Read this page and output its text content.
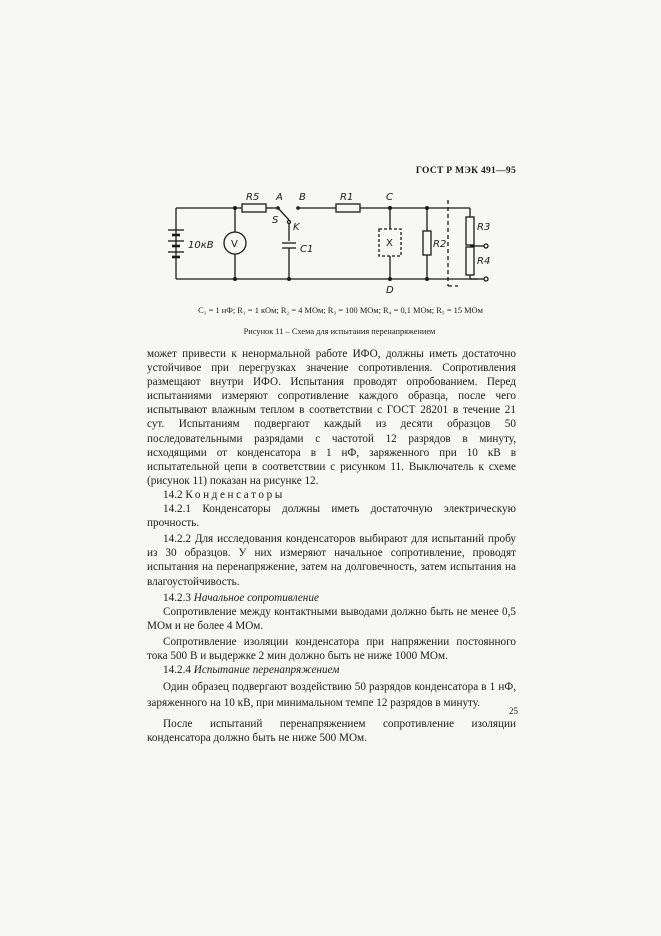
ГОСТ Р МЭК 491—95
10кВ V
R5 A B
S
K
C1
R1	C
X	R2
R3
R4
D
C₁ = 1 нФ; R₁ = 1 кОм; R₂ = 4 МОм; R₃ = 100 МОм; R₄ = 0,1 МОм; R₅ = 15 МОм
Рисунок 11 – Схема для испытания перенапряжением

может привести к ненормальной работе ИФО, должны иметь достаточно устойчивое при перегрузках значение сопротивления. Сопротивления размещают внутри ИФО. Испытания проводят опробованием. Перед испытаниями измеряют сопротивление каждого образца, после чего испытывают влажным теплом в соответствии с ГОСТ 28201 в течение 21 сут. Испытаниям подвергают каждый из десяти образцов 50 последовательными разрядами с частотой 12 разрядов в минуту, исходящими от конденсатора в 1 нФ, заряженного при 10 кВ в испытательной цепи в соответствии с рисунком 11. Выключатель к схеме (рисунок 11) показан на рисунке 12.

14.2 Конденсаторы

14.2.1 Конденсаторы должны иметь достаточную электрическую прочность.

14.2.2 Для исследования конденсаторов выбирают для испытаний пробу из 30 образцов. У них измеряют начальное сопротивление, проводят испытания на перенапряжение, затем на долговечность, затем испытания на влагоустойчивость.

14.2.3 Начальное сопротивление

Сопротивление между контактными выводами должно быть не менее 0,5 МОм и не более 4 МОм.

Сопротивление изоляции конденсатора при напряжении постоянного тока 500 В и выдержке 2 мин должно быть не ниже 1000 МОм.

14.2.4 Испытание перенапряжением

Один образец подвергают воздействию 50 разрядов конденсатора в 1 нФ, заряженного на 10 кВ, при минимальном темпе 12 разрядов в минуту.

После испытаний перенапряжением сопротивление изоляции конденсатора должно быть не ниже 500 МОм.

25
